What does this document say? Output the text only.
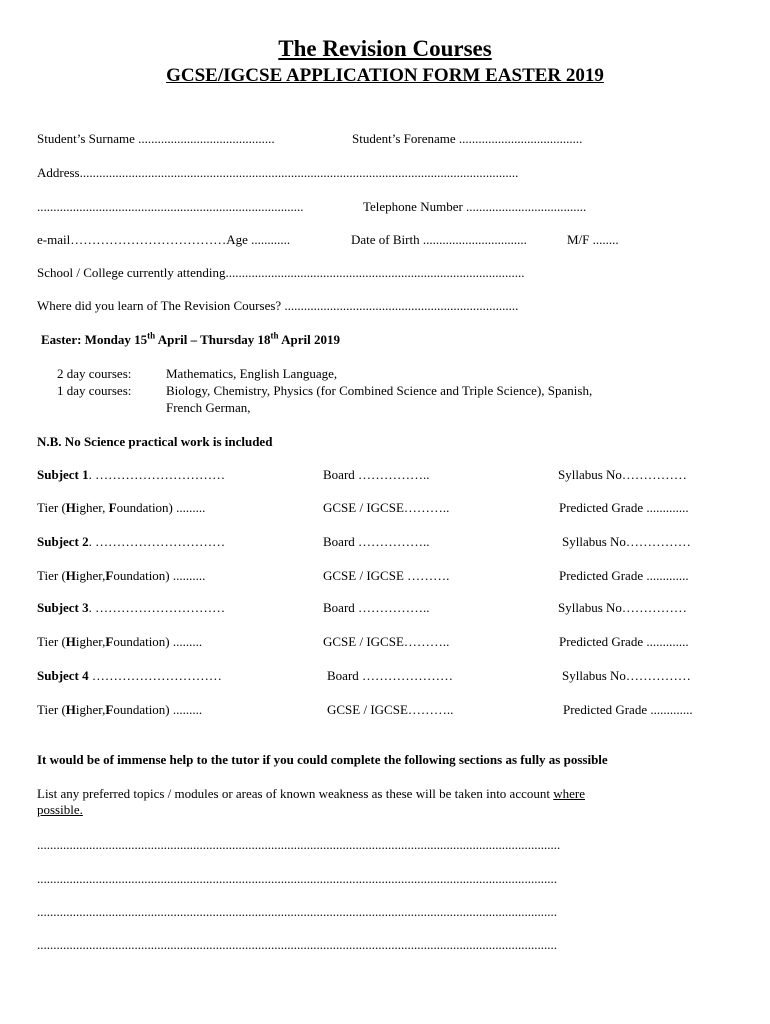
The Revision Courses
GCSE/IGCSE APPLICATION FORM EASTER 2019
Student’s Surname ..........................................	Student’s Forename ......................................
Address.......................................................................................................................................
..................................................................................	Telephone Number .....................................
e-mail………………………………Age ............	Date of Birth ................................	M/F ........
School / College currently attending............................................................................................
Where did you learn of The Revision Courses? ........................................................................
Easter: Monday 15th April – Thursday 18th April 2019
2 day courses:	Mathematics, English Language,
1 day courses:	Biology, Chemistry, Physics (for Combined Science and Triple Science), Spanish,
French German,
N.B. No Science practical work is included
Subject 1. …………………………	Board ……………..	Syllabus No……………
Tier (Higher, Foundation) .........	GCSE / IGCSE………..	Predicted Grade .............
Subject 2. …………………………	Board ……………..	Syllabus No……………
Tier (Higher,Foundation) ..........	GCSE / IGCSE ……….	Predicted Grade .............
Subject 3. …………………………	Board ……………..	Syllabus No……………
Tier (Higher,Foundation) .........	GCSE / IGCSE………..	Predicted Grade .............
Subject 4 …………………………	Board …………………	Syllabus No……………
Tier (Higher,Foundation) .........	GCSE / IGCSE………..	Predicted Grade .............
It would be of immense help to the tutor if you could complete the following sections as fully as possible
List any preferred topics / modules or areas of known weakness as these will be taken into account where
possible.
.................................................................................................................................................................
................................................................................................................................................................
................................................................................................................................................................
................................................................................................................................................................
